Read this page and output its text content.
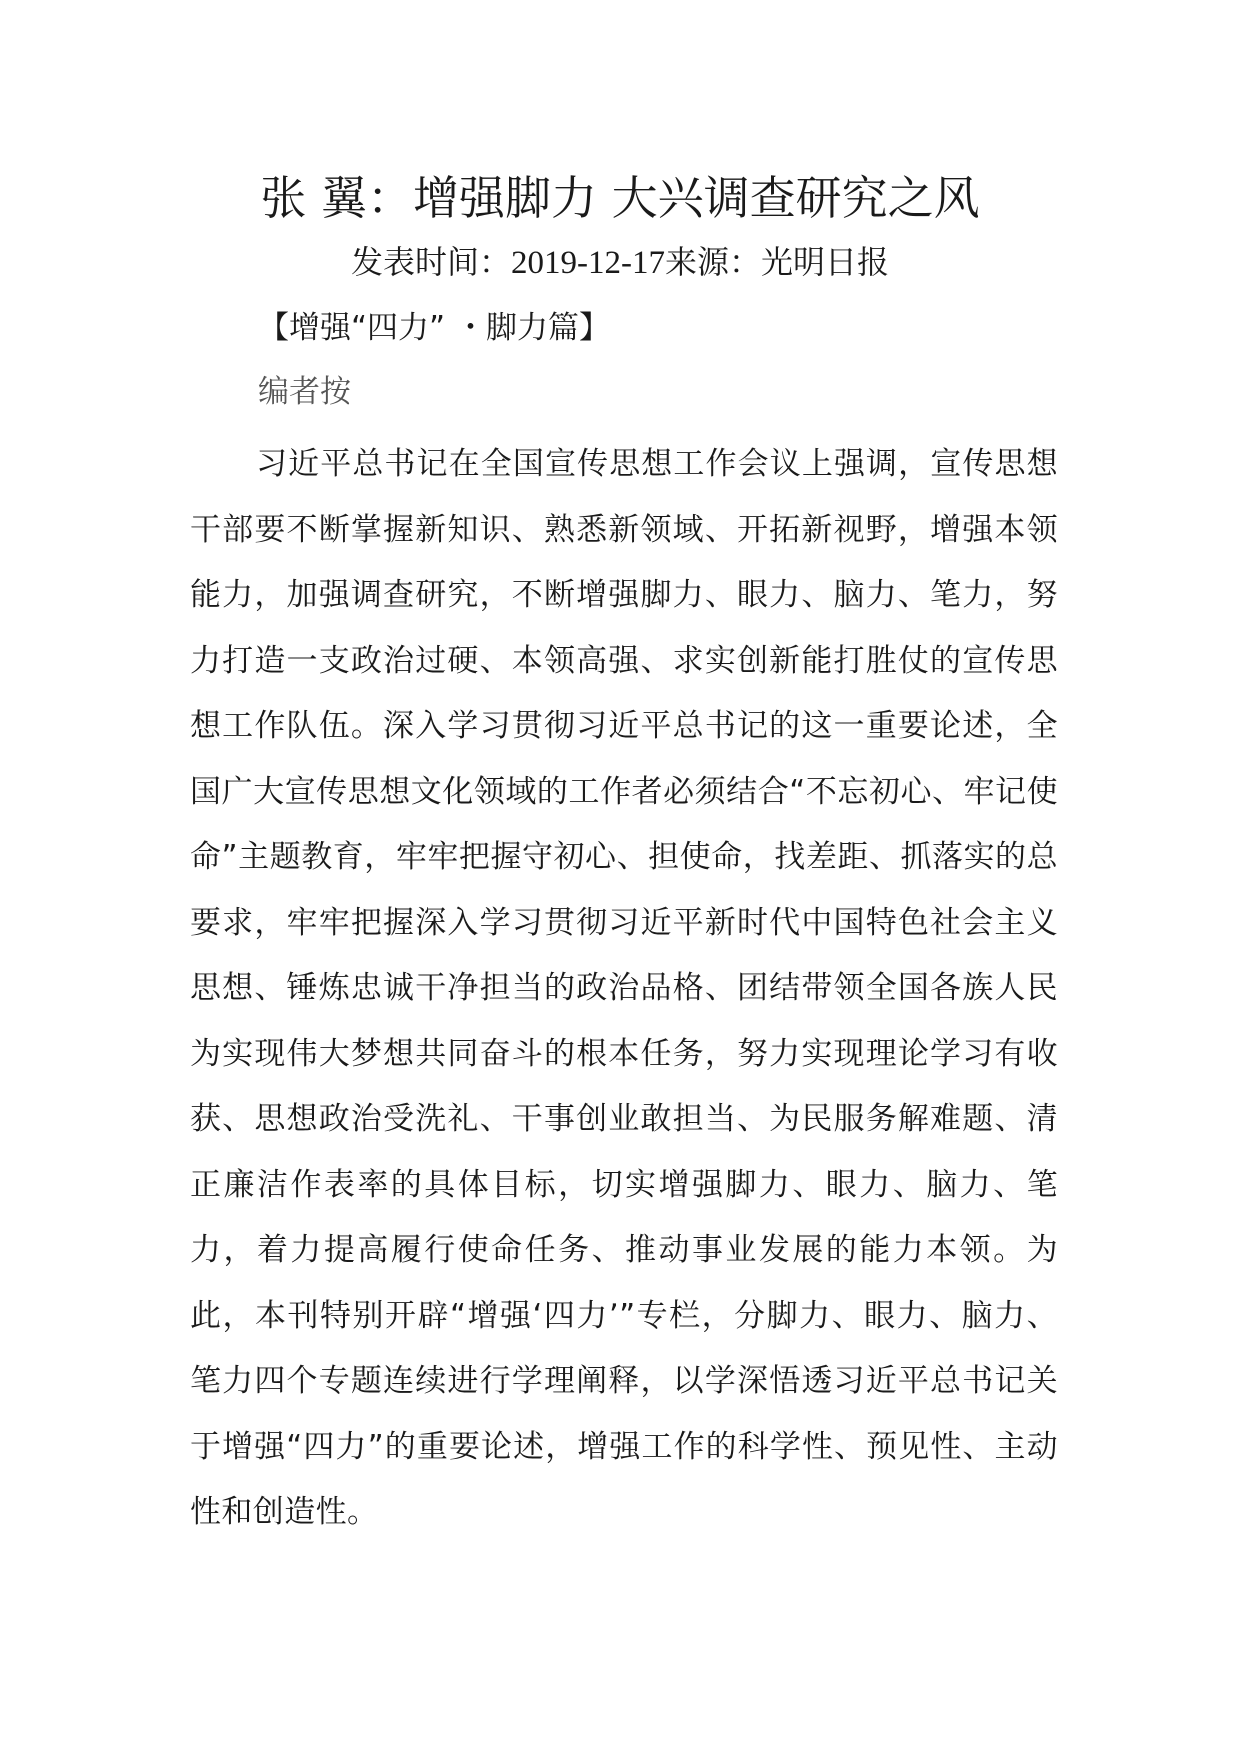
张 翼：增强脚力 大兴调查研究之风
发表时间：2019-12-17来源：光明日报
【增强“四力” ・脚力篇】
编者按

习近平总书记在全国宣传思想工作会议上强调，宣传思想干部要不断掌握新知识、熟悉新领域、开拓新视野，增强本领能力，加强调查研究，不断增强脚力、眼力、脑力、笔力，努力打造一支政治过硬、本领高强、求实创新能打胜仗的宣传思想工作队伍。深入学习贯彻习近平总书记的这一重要论述，全国广大宣传思想文化领域的工作者必须结合“不忘初心、牢记使命”主题教育，牢牢把握守初心、担使命，找差距、抓落实的总要求，牢牢把握深入学习贯彻习近平新时代中国特色社会主义思想、锤炼忠诚干净担当的政治品格、团结带领全国各族人民为实现伟大梦想共同奋斗的根本任务，努力实现理论学习有收获、思想政治受洗礼、干事创业敢担当、为民服务解难题、清正廉洁作表率的具体目标，切实增强脚力、眼力、脑力、笔力，着力提高履行使命任务、推动事业发展的能力本领。为此，本刊特别开辟“增强‘四力’”专栏，分脚力、眼力、脑力、笔力四个专题连续进行学理阐释，以学深悟透习近平总书记关于增强“四力”的重要论述，增强工作的科学性、预见性、主动性和创造性。
